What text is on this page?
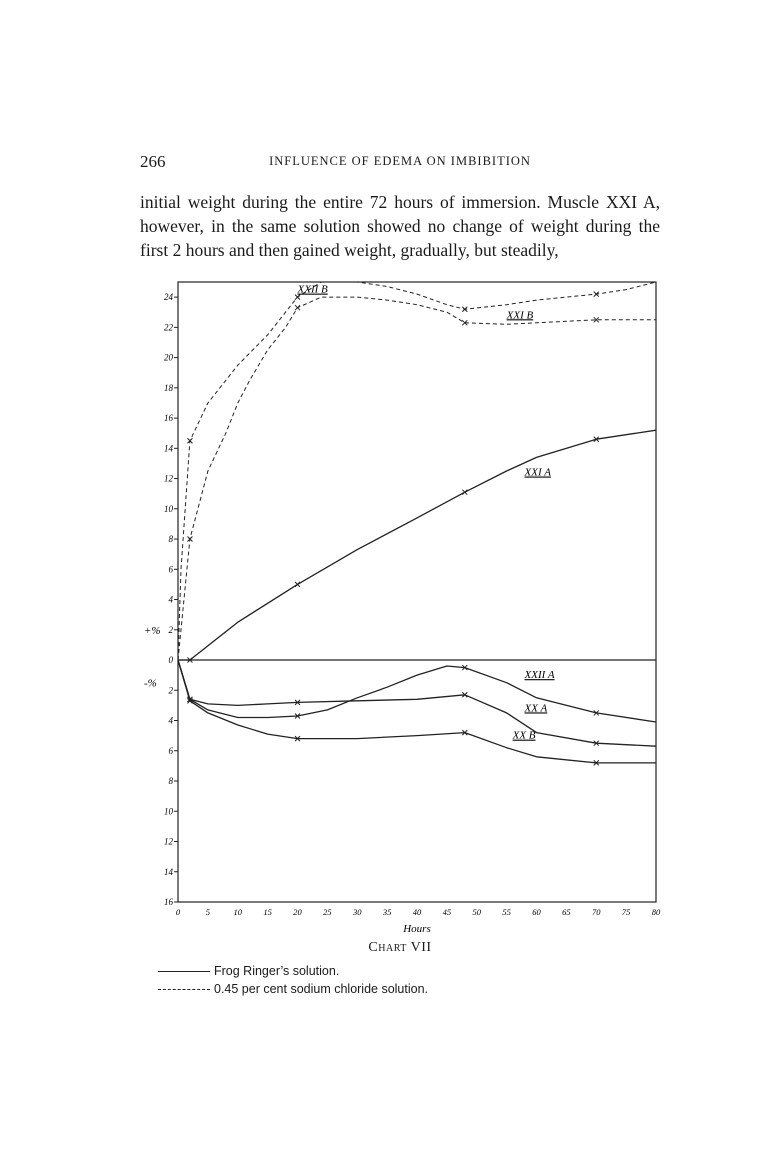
266	INFLUENCE OF EDEMA ON IMBIBITION

initial weight during the entire 72 hours of immersion. Muscle XXI A, however, in the same solution showed no change of weight during the first 2 hours and then gained weight, gradually, but steadily,

24
22
20
18
16
14
12
10
8
6
4
2
0
2
4
6
8
10
12
14
16
0	5	10	15	20	25	30	35	40	45	50	55	60	65	70	75	80
XXI B
XXII B
XXI A
XXII A
XX A
XX B
+%
-%
Hours
Chart VII
Frog Ringer’s solution.
0.45 per cent sodium chloride solution.
